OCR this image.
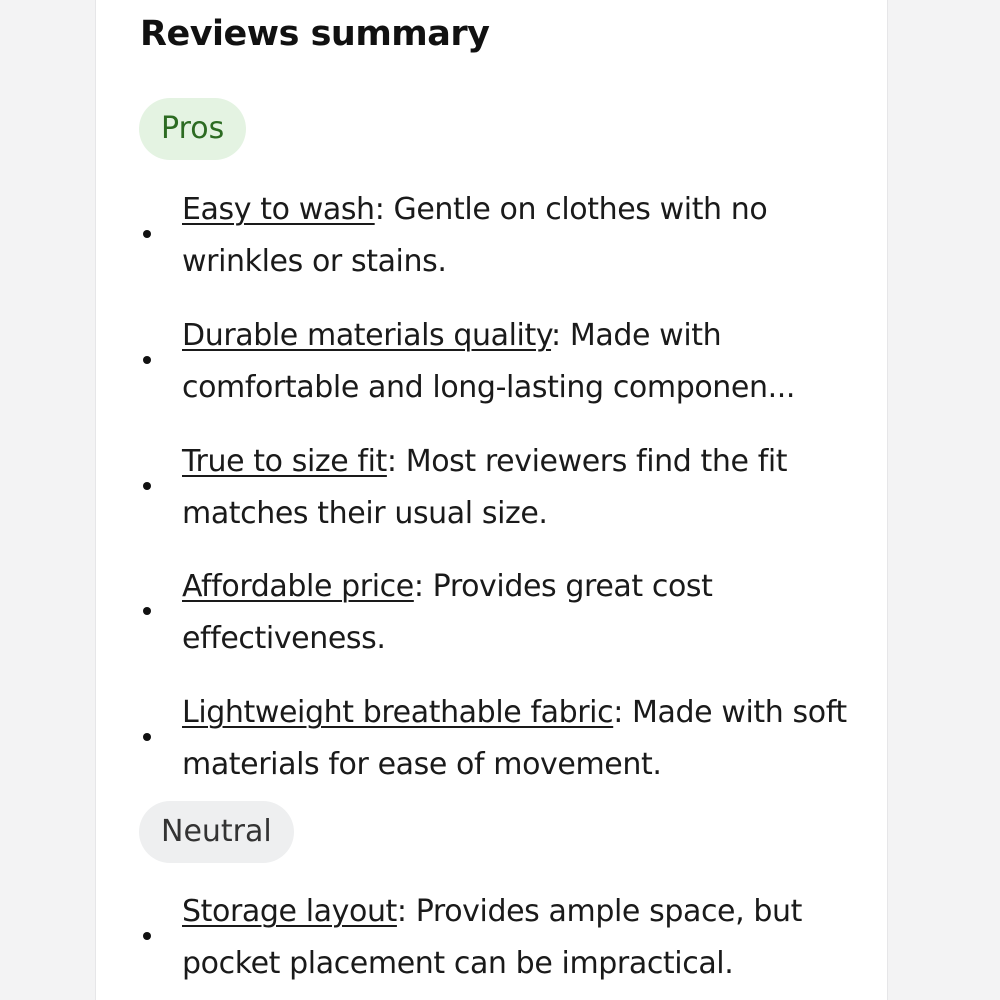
Reviews summary
Pros
Easy to wash: Gentle on clothes with no wrinkles or stains.
Durable materials quality: Made with comfortable and long-lasting componen...
True to size fit: Most reviewers find the fit matches their usual size.
Affordable price: Provides great cost effectiveness.
Lightweight breathable fabric: Made with soft materials for ease of movement.
Neutral
Storage layout: Provides ample space, but pocket placement can be impractical.
